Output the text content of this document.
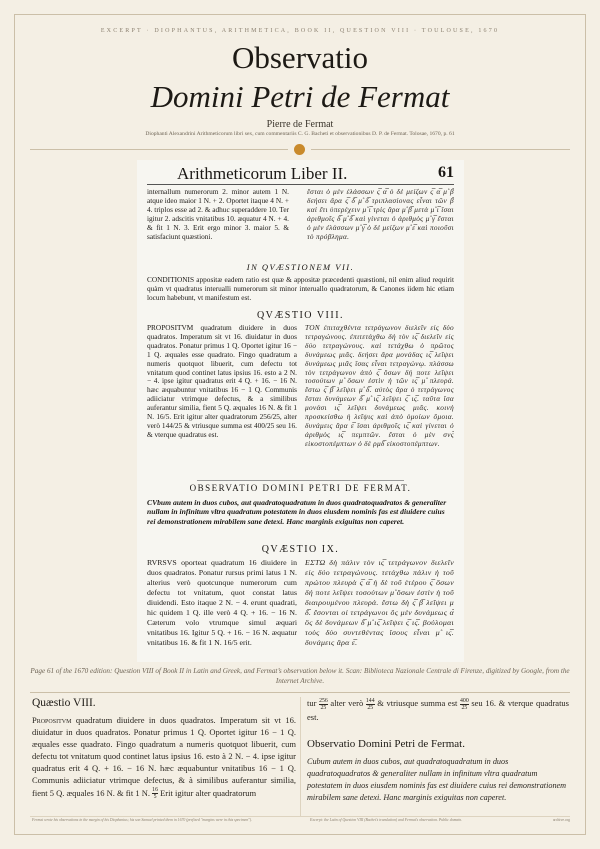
EXCERPT · DIOPHANTUS, ARITHMETICA, BOOK II, QUESTION VIII · TOULOUSE, 1670
Observatio
Domini Petri de Fermat
Pierre de Fermat
Diophanti Alexandrini Arithmeticorum libri sex, cum commentariis C. G. Bacheti et observationibus D. P. de Fermat. Tolosae, 1670, p. 61
Arithmeticorum Liber II.	61
internallum numerorum 2. minor autem 1 N. atque ideo maior 1 N. + 2. Oportet itaque 4 N. + 4. triplos esse ad 2. & adhuc superaddere 10. Ter igitur 2. adscitis vnitatibus 10. æquatur 4 N. + 4. & fit 1 N. 3. Erit ergo minor 3. maior 5. & satisfaciunt quæstioni.
ἔσται ὁ μὲν ἐλάσσων ς̅ α̅ ὁ δὲ μείζων ς̅ α̅ μ̊ β̅ δεήσει ἄρα ς̅ δ̅ μ̊ δ̅ τριπλασίονας εἶναι τῶν β̅ καὶ ἔτι ὑπερέχειν μ̊ ι̅ τρὶς ἄρα μ̊ β̅ μετὰ μ̊ ι̅ ἴσαι ἀριθμοῖς δ̅ μ̊ δ̅ καὶ γίνεται ὁ ἀριθμὸς μ̊ γ̅ ἔσται ὁ μὲν ἐλάσσων μ̊ γ̅ ὁ δὲ μείζων μ̊ ε̅ καὶ ποιοῦσι τὸ πρόβλημα.
IN QVÆSTIONEM VII.
CONDITIONIS appositæ eadem ratio est quæ & appositæ præcedenti quæstioni, nil enim aliud requirit quàm vt quadratus interualli numerorum sit minor interuallo quadratorum, & Canones iidem hic etiam locum habebunt, vt manifestum est.
QVÆSTIO VIII.
PROPOSITVM quadratum diuidere in duos quadratos. Imperatum sit vt 16. diuidatur in duos quadratos. Ponatur primus 1 Q. Oportet igitur 16 − 1 Q. æquales esse quadrato. Fingo quadratum a numeris quotquot libuerit, cum defectu tot vnitatum quod continet latus ipsius 16. esto a 2 N. − 4. ipse igitur quadratus erit 4 Q. + 16. − 16 N. hæc æquabuntur vnitatibus 16 − 1 Q. Communis adiiciatur vtrimque defectus, & a similibus auferantur similia, fient 5 Q. æquales 16 N. & fit 1 N. 16/5. Erit igitur alter quadratorum 256/25, alter verò 144/25 & vtriusque summa est 400/25 seu 16. & vterque quadratus est.
ΤΟΝ ἐπιταχθέντα τετράγωνον διελεῖν εἰς δύο τετραγώνους. ἐπιτετάχθω δὴ τὸν ις̅ διελεῖν εἰς δύο τετραγώνους. καὶ τετάχθω ὁ πρῶτος δυνάμεως μιᾶς. δεήσει ἄρα μονάδας ις̅ λεῖψει δυνάμεως μιᾶς ἴσας εἶναι τετραγώνῳ. πλάσσω τὸν τετράγωνον ἀπὸ ς̅ ὅσων δή ποτε λεῖψει τοσούτων μ̊ ὅσων ἐστὶν ἡ τῶν ις̅ μ̊ πλευρά. ἔστω ς̅ β̅ λεῖψει μ̊ δ̅. αὐτὸς ἄρα ὁ τετράγωνος ἔσται δυνάμεων δ̅ μ̊ ις̅ λεῖψει ς̅ ις̅. ταῦτα ἴσα μονάσι ις̅ λεῖψει δυνάμεως μιᾶς. κοινὴ προσκείσθω ἡ λεῖψις καὶ ἀπὸ ὁμοίων ὅμοια. δυνάμεις ἄρα ε̅ ἴσαι ἀριθμοῖς ις̅ καὶ γίνεται ὁ ἀριθμὸς ις̅ πεμπτῶν. ἔσται ὁ μὲν σνς̅ εἰκοστοπέμπτων ὁ δὲ ρμδ̅ εἰκοστοπέμπτων.
OBSERVATIO DOMINI PETRI DE FERMAT.
CVbum autem in duos cubos, aut quadratoquadratum in duos quadratoquadratos & generaliter nullam in infinitum vltra quadratum potestatem in duos eiusdem nominis fas est diuidere cuius rei demonstrationem mirabilem sane detexi. Hanc marginis exiguitas non caperet.
QVÆSTIO IX.
RVRSVS oporteat quadratum 16 diuidere in duos quadratos. Ponatur rursus primi latus 1 N. alterius verò quotcunque numerorum cum defectu tot vnitatum, quot constat latus diuidendi. Esto itaque 2 N. − 4. erunt quadrati, hic quidem 1 Q. ille verò 4 Q. + 16. − 16 N. Cæterum volo vtrumque simul æquari vnitatibus 16. Igitur 5 Q. + 16. − 16 N. æquatur vnitatibus 16. & fit 1 N. 16/5 erit.
ΕΣΤΩ δὴ πάλιν τὸν ις̅ τετράγωνον διελεῖν εἰς δύο τετραγώνους. τετάχθω πάλιν ἡ τοῦ πρώτου πλευρὰ ς̅ α̅ ἡ δὲ τοῦ ἑτέρου ς̅ ὅσων δή ποτε λεῖψει τοσούτων μ̊ ὅσων ἐστὶν ἡ τοῦ διαιρουμένου πλευρά. ἔστω δὴ ς̅ β̅ λεῖψει μ̊ δ̅. ἔσονται οἱ τετράγωνοι ὃς μὲν δυνάμεως α̅ ὃς δὲ δυνάμεων δ̅ μ̊ ις̅ λεῖψει ς̅ ις̅. βούλομαι τοὺς δύο συντεθέντας ἴσους εἶναι μ̊ ις̅. δυνάμεις ἄρα ε̅.
Page 61 of the 1670 edition: Question VIII of Book II in Latin and Greek, and Fermat’s observation below it. Scan: Biblioteca Nazionale Centrale di Firenze, digitized by Google, from the Internet Archive.
Quæstio VIII.
Propositvm quadratum diuidere in duos quadratos. Imperatum sit vt 16. diuidatur in duos quadratos. Ponatur primus 1 Q. Oportet igitur 16 − 1 Q. æquales esse quadrato. Fingo quadratum a numeris quotquot libuerit, cum defectu tot vnitatum quod continet latus ipsius 16. esto à 2 N. − 4. ipse igitur quadratus erit 4 Q. + 16. − 16 N. hæc æquabuntur vnitatibus 16 − 1 Q. Communis adiiciatur vtrimque defectus, & à similibus auferantur similia, fient 5 Q. æquales 16 N. & fit 1 N. $\frac{16}{5}$ Erit igitur alter quadratorum
tur $\frac{256}{25}$ alter verò $\frac{144}{25}$ & vtriusque summa est $\frac{400}{25}$ seu 16. & vterque quadratus est.
Observatio Domini Petri de Fermat.
Cubum autem in duos cubos, aut quadratoquadratum in duos quadratoquadratos & generaliter nullam in infinitum vltra quadratum potestatem in duos eiusdem nominis fas est diuidere cuius rei demonstrationem mirabilem sane detexi. Hanc marginis exiguitas non caperet.
Fermat wrote his observations in the margin of his Diophantus; his son Samuel printed them in 1670 (prefixed "margins were in this specimen").	Excerpt: the Latin of Question VIII (Bachet’s translation) and Fermat’s observation. Public domain.	archive.org
